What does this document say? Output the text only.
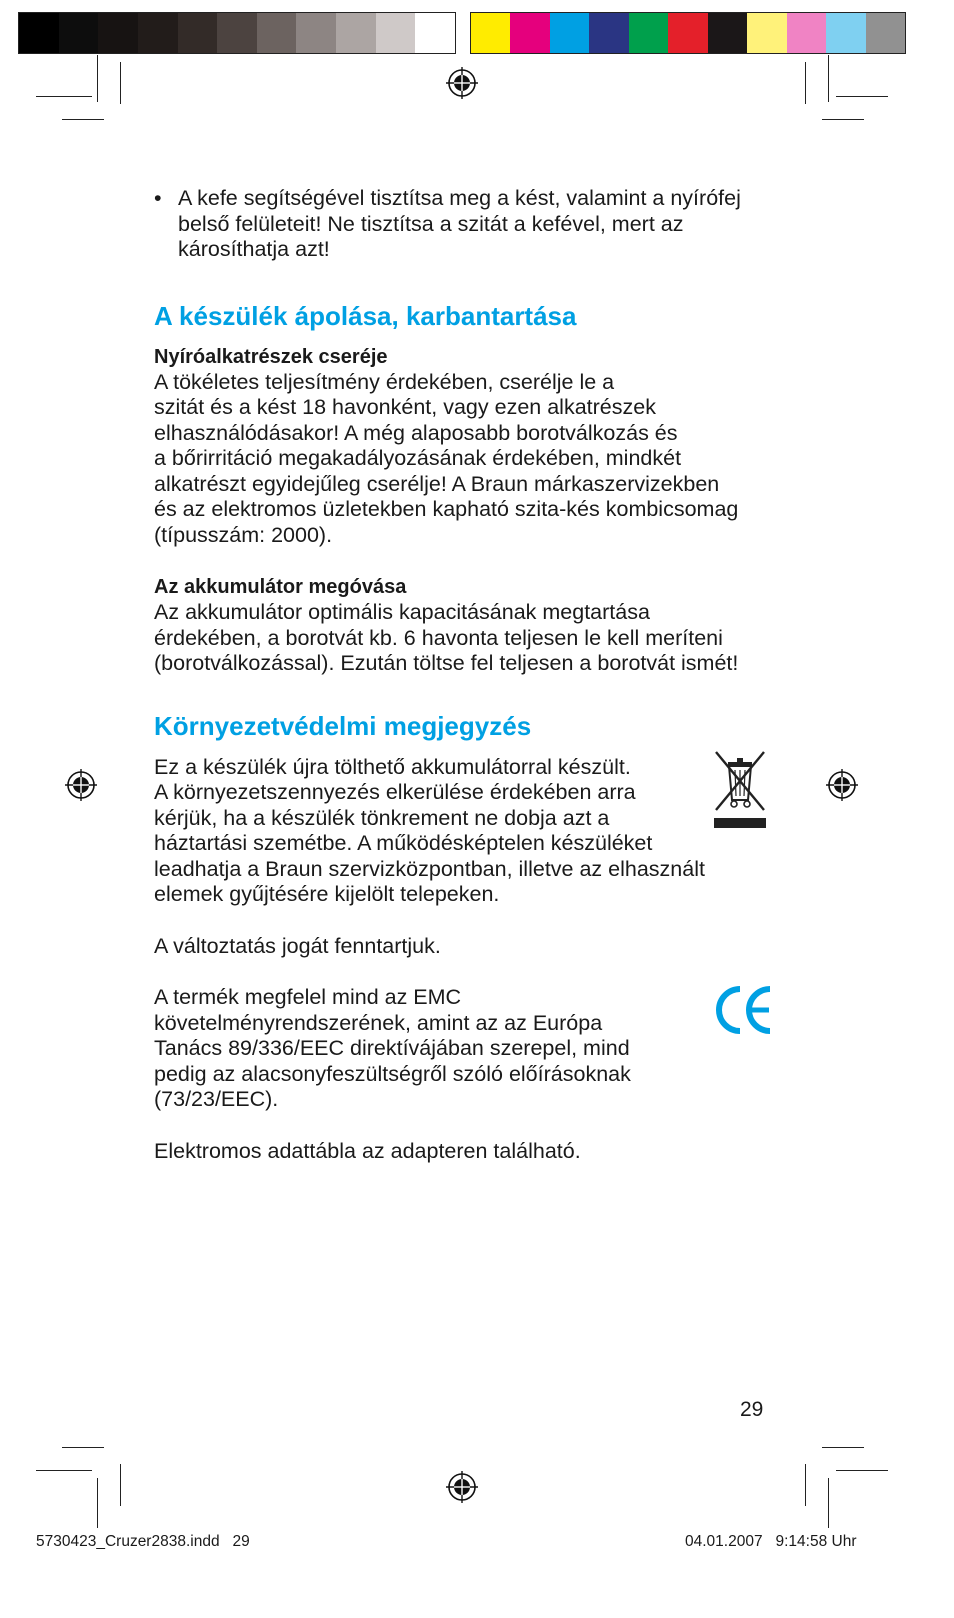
• A kefe segítségével tisztítsa meg a kést, valamint a nyírófej

belső felületeit! Ne tisztítsa a szitát a kefével, mert az

károsíthatja azt!

A készülék ápolása, karbantartása

Nyíróalkatrészek cseréje

A tökéletes teljesítmény érdekében, cserélje le a

szitát és a kést 18 havonként, vagy ezen alkatrészek

elhasználódásakor! A még alaposabb borotválkozás és

a bőrirritáció megakadályozásának érdekében, mindkét

alkatrészt egyidejűleg cserélje! A Braun márkaszervizekben

és az elektromos üzletekben kapható szita-kés kombicsomag

(típusszám: 2000).

Az akkumulátor megóvása

Az akkumulátor optimális kapacitásának megtartása

érdekében, a borotvát kb. 6 havonta teljesen le kell meríteni

(borotválkozással). Ezután töltse fel teljesen a borotvát ismét!

Környezetvédelmi megjegyzés

Ez a készülék újra tölthető akkumulátorral készült.

A környezetszennyezés elkerülése érdekében arra

kérjük, ha a készülék tönkrement ne dobja azt a

háztartási szemétbe. A működésképtelen készüléket

leadhatja a Braun szervizközpontban, illetve az elhasznált

elemek gyűjtésére kijelölt telepeken.

A változtatás jogát fenntartjuk.

A termék megfelel mind az EMC

követelményrendszerének, amint az az Európa

Tanács 89/336/EEC direktívájában szerepel, mind

pedig az alacsonyfeszültségről szóló előírásoknak

(73/23/EEC).

Elektromos adattábla az adapteren található.

29
5730423_Cruzer2838.indd   29	04.01.2007   9:14:58 Uhr
